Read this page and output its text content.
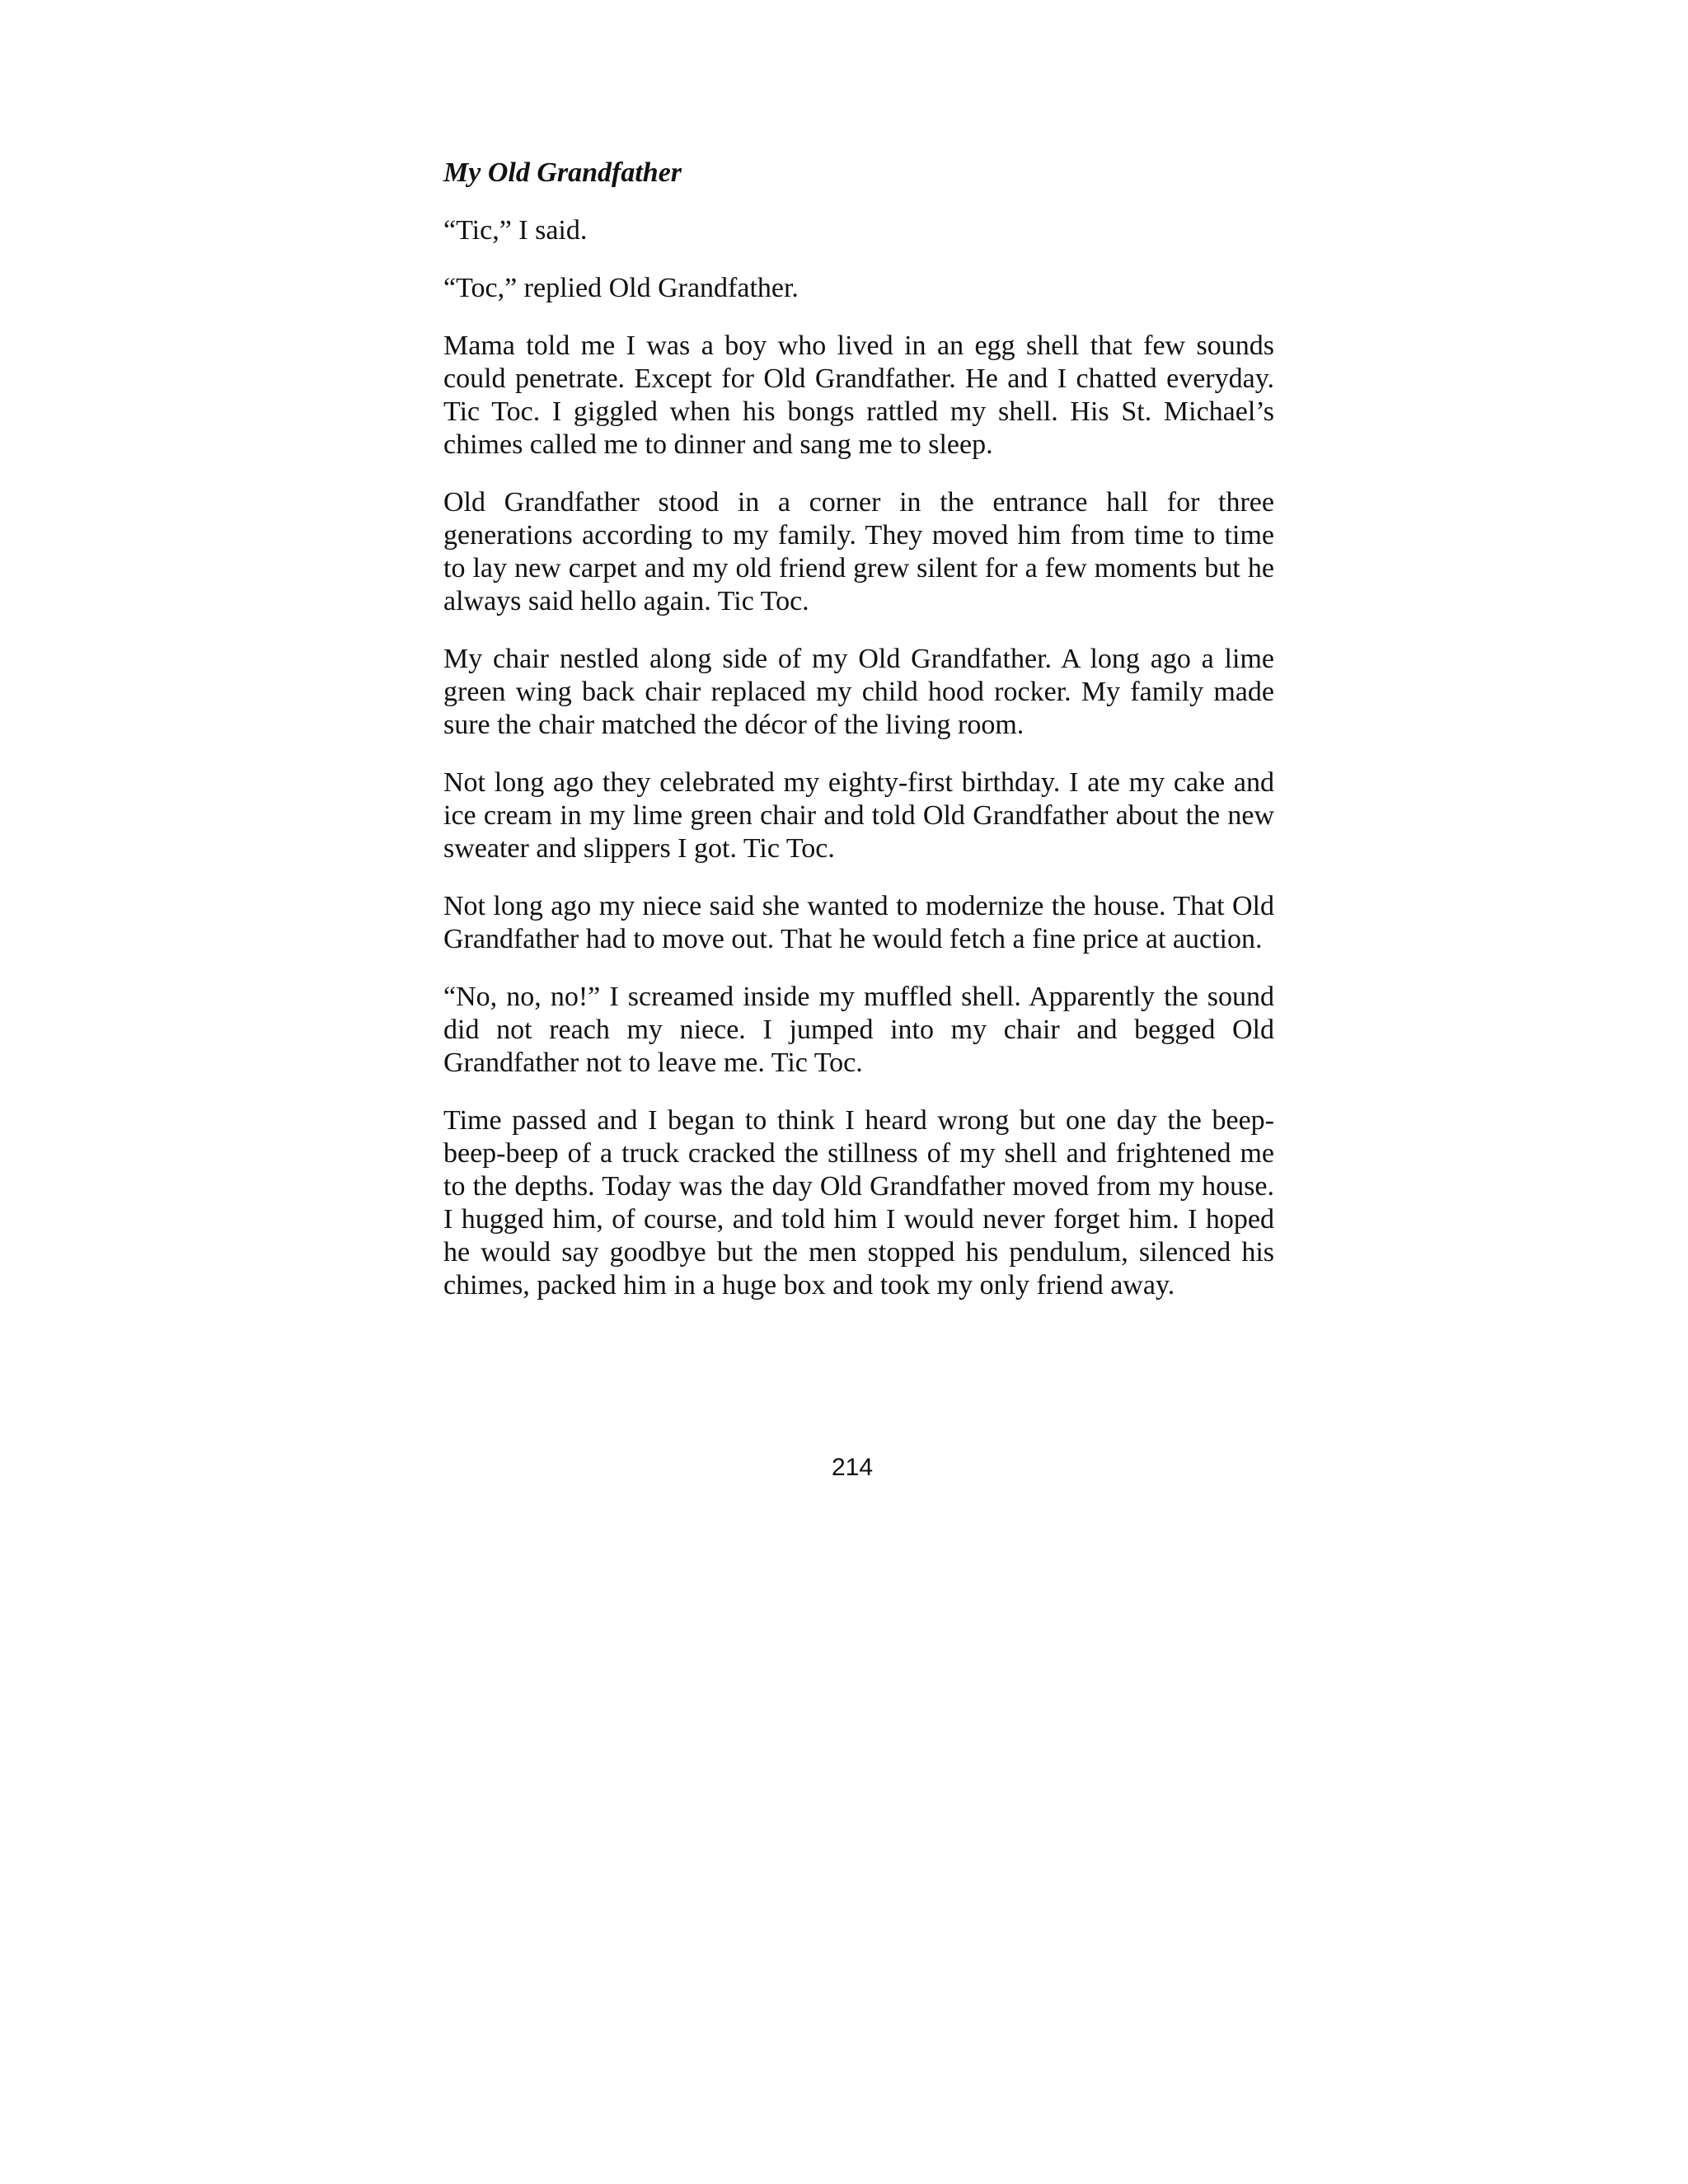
My Old Grandfather

“Tic,” I said.

“Toc,” replied Old Grandfather.

Mama told me I was a boy who lived in an egg shell that few sounds could penetrate. Except for Old Grandfather. He and I chatted everyday. Tic Toc. I giggled when his bongs rattled my shell. His St. Michael’s chimes called me to dinner and sang me to sleep.

Old Grandfather stood in a corner in the entrance hall for three generations according to my family. They moved him from time to time to lay new carpet and my old friend grew silent for a few moments but he always said hello again. Tic Toc.

My chair nestled along side of my Old Grandfather. A long ago a lime green wing back chair replaced my child hood rocker. My family made sure the chair matched the décor of the living room.

Not long ago they celebrated my eighty-first birthday. I ate my cake and ice cream in my lime green chair and told Old Grandfather about the new sweater and slippers I got. Tic Toc.

Not long ago my niece said she wanted to modernize the house. That Old Grandfather had to move out. That he would fetch a fine price at auction.

“No, no, no!” I screamed inside my muffled shell. Apparently the sound did not reach my niece. I jumped into my chair and begged Old Grandfather not to leave me. Tic Toc.

Time passed and I began to think I heard wrong but one day the beep-beep-beep of a truck cracked the stillness of my shell and frightened me to the depths. Today was the day Old Grandfather moved from my house. I hugged him, of course, and told him I would never forget him. I hoped he would say goodbye but the men stopped his pendulum, silenced his chimes, packed him in a huge box and took my only friend away.

214
